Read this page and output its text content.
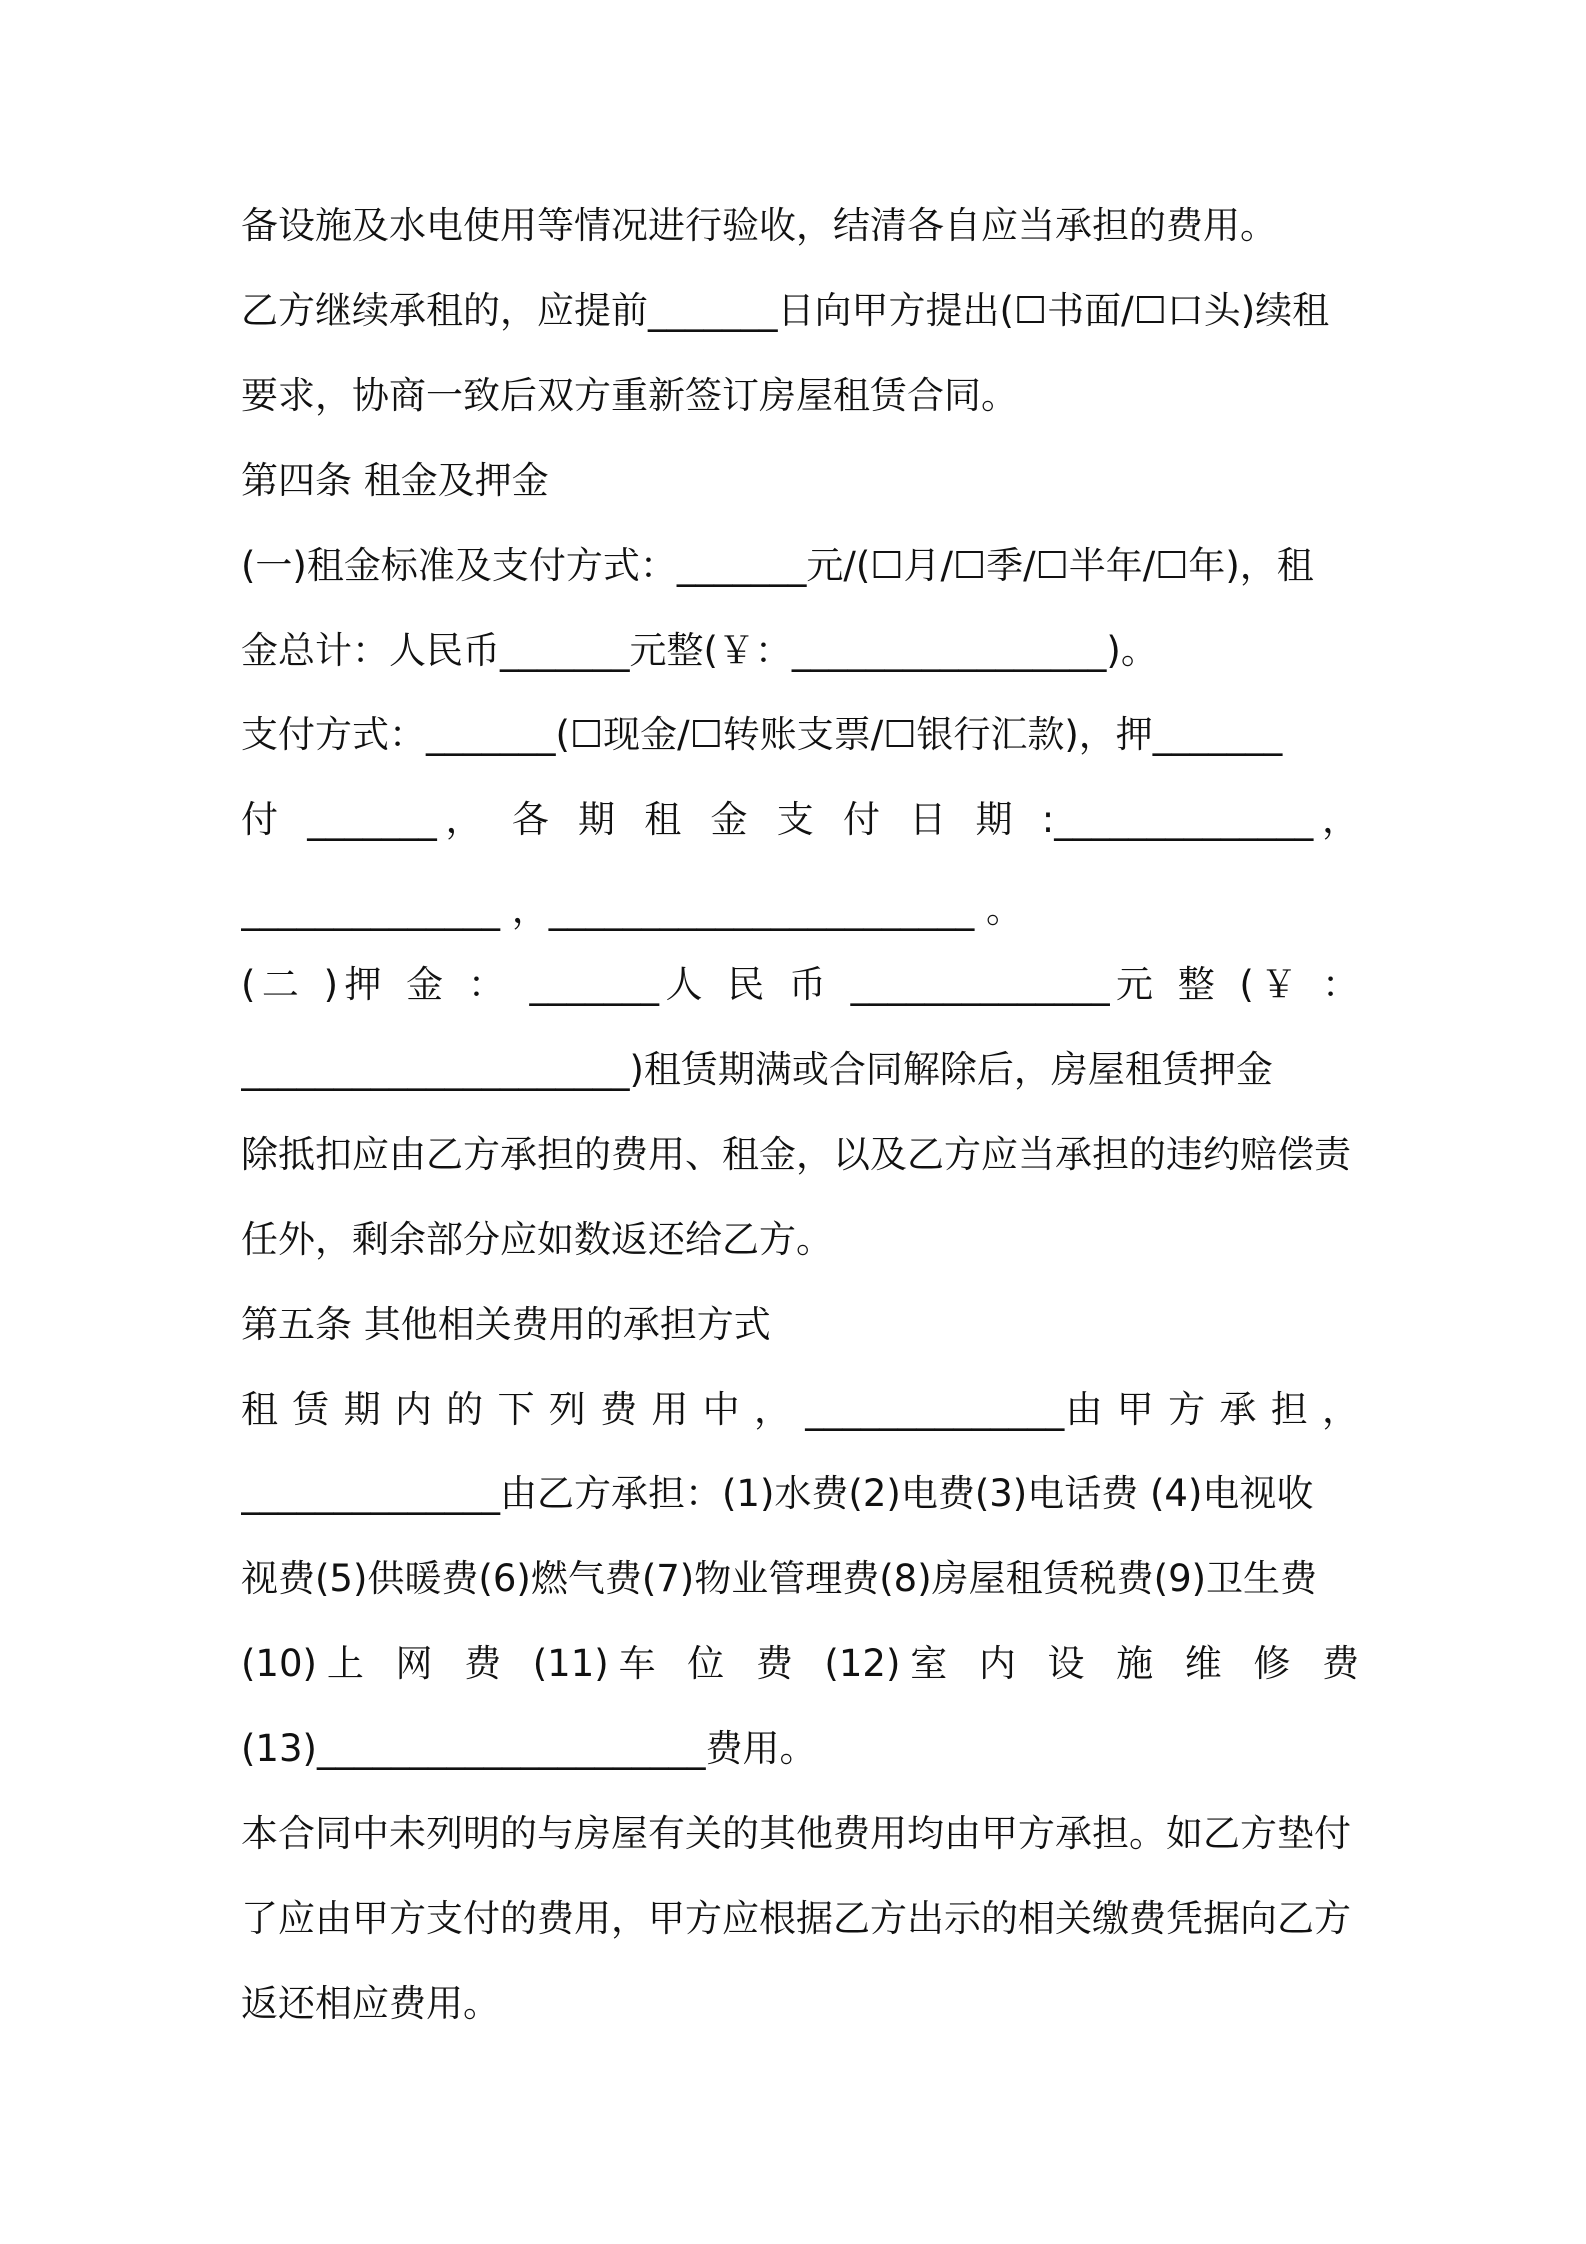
备设施及水电使用等情况进行验收，结清各自应当承担的费用。
乙方继续承租的，应提前_______日向甲方提出(☐书面/☐口头)续租
要求，协商一致后双方重新签订房屋租赁合同。
第四条 租金及押金
(一)租金标准及支付方式：_______元/(☐月/☐季/☐半年/☐年)，租
金总计：人民币_______元整(￥：_________________)。
支付方式：_______(☐现金/☐转账支票/☐银行汇款)，押_______
付 _______， 各 期 租 金 支 付 日 期 :______________，
______________ ，_______________________ 。
(二 )押 金 ： _______人 民 币 ______________元 整 (￥ ：
_____________________)租赁期满或合同解除后，房屋租赁押金
除抵扣应由乙方承担的费用、租金，以及乙方应当承担的违约赔偿责
任外，剩余部分应如数返还给乙方。
第五条 其他相关费用的承担方式
租 赁 期 内 的 下 列 费 用 中 ， ______________由 甲 方 承 担 ，
______________由乙方承担：(1)水费(2)电费(3)电话费 (4)电视收
视费(5)供暖费(6)燃气费(7)物业管理费(8)房屋租赁税费(9)卫生费
(10)上 网 费 (11)车 位 费 (12)室 内 设 施 维 修 费
(13)_____________________费用。
本合同中未列明的与房屋有关的其他费用均由甲方承担。如乙方垫付
了应由甲方支付的费用，甲方应根据乙方出示的相关缴费凭据向乙方
返还相应费用。
